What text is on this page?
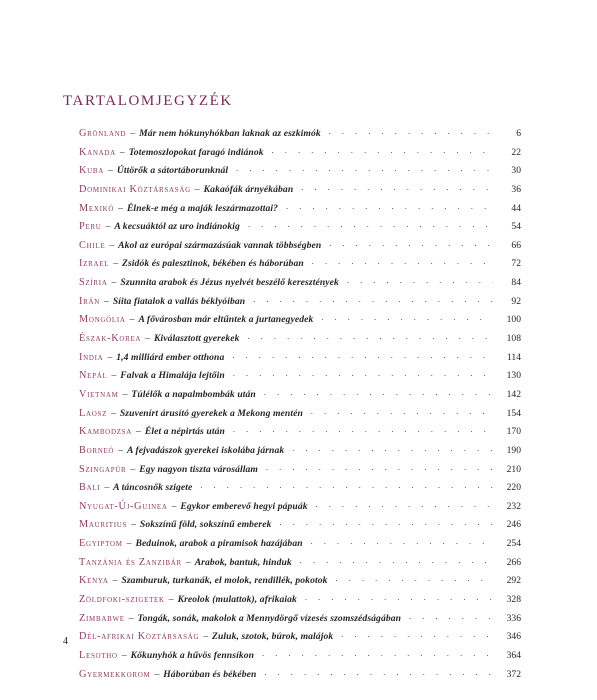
TARTALOMJEGYZÉK
Grönland – Már nem hókunyhókban laknak az eszkimók . . .	6
Kanada – Totemoszlopokat faragó indiánok . . .	22
Kuba – Úttörők a sátortáborunknál . . .	30
Dominikai Köztársaság – Kakaófák árnyékában . . .	36
Mexikó – Élnek-e még a maják leszármazottai? . . .	44
Peru – A kecsuáktól az uro indiánokig . . .	54
Chile – Akol az európai származásúak vannak többségben . . .	66
Izrael – Zsidók és palesztinok, békében és háborúban . . .	72
Szíria – Szunnita arabok és Jézus nyelvét beszélő keresztények . . .	84
Irán – Síita fiatalok a vallás béklyóiban . . .	92
Mongólia – A fővárosban már eltűntek a jurtanegyedek . . .	100
Észak-Korea – Kiválasztott gyerekek . . .	108
India – 1,4 milliárd ember otthona . . .	114
Nepál – Falvak a Himalája lejtőin . . .	130
Vietnam – Túlélők a napalmbombák után . . .	142
Laosz – Szuvenírt árusító gyerekek a Mekong mentén . . .	154
Kambodzsa – Élet a népirtás után . . .	170
Borneó – A fejvadászok gyerekei iskolába járnak . . .	190
Szingapúr – Egy nagyon tiszta városállam . . .	210
Bali – A táncosnők szigete . . .	220
Nyugat-Új-Guinea – Egykor emberevő hegyi pápuák . . .	232
Mauritius – Sokszínű föld, sokszínű emberek . . .	246
Egyiptom – Beduinok, arabok a piramisok hazájában . . .	254
Tanzánia és Zanzibár – Arabok, bantuk, hinduk . . .	266
Kenya – Szamburuk, turkanák, el molok, rendillék, pokotok . . .	292
Zöldfoki-szigetek – Kreolok (mulattok), afrikaiak . . .	328
Zimbabwe – Tongák, sonák, makolok a Mennydörgő vízesés szomszédságában . . .	336
Dél-afrikai Köztársaság – Zuluk, szotok, búrok, malájok . . .	346
Lesotho – Kőkunyhók a hűvös fennsíkon . . .	364
Gyermekkorom – Háborúban és békében . . .	372
4
